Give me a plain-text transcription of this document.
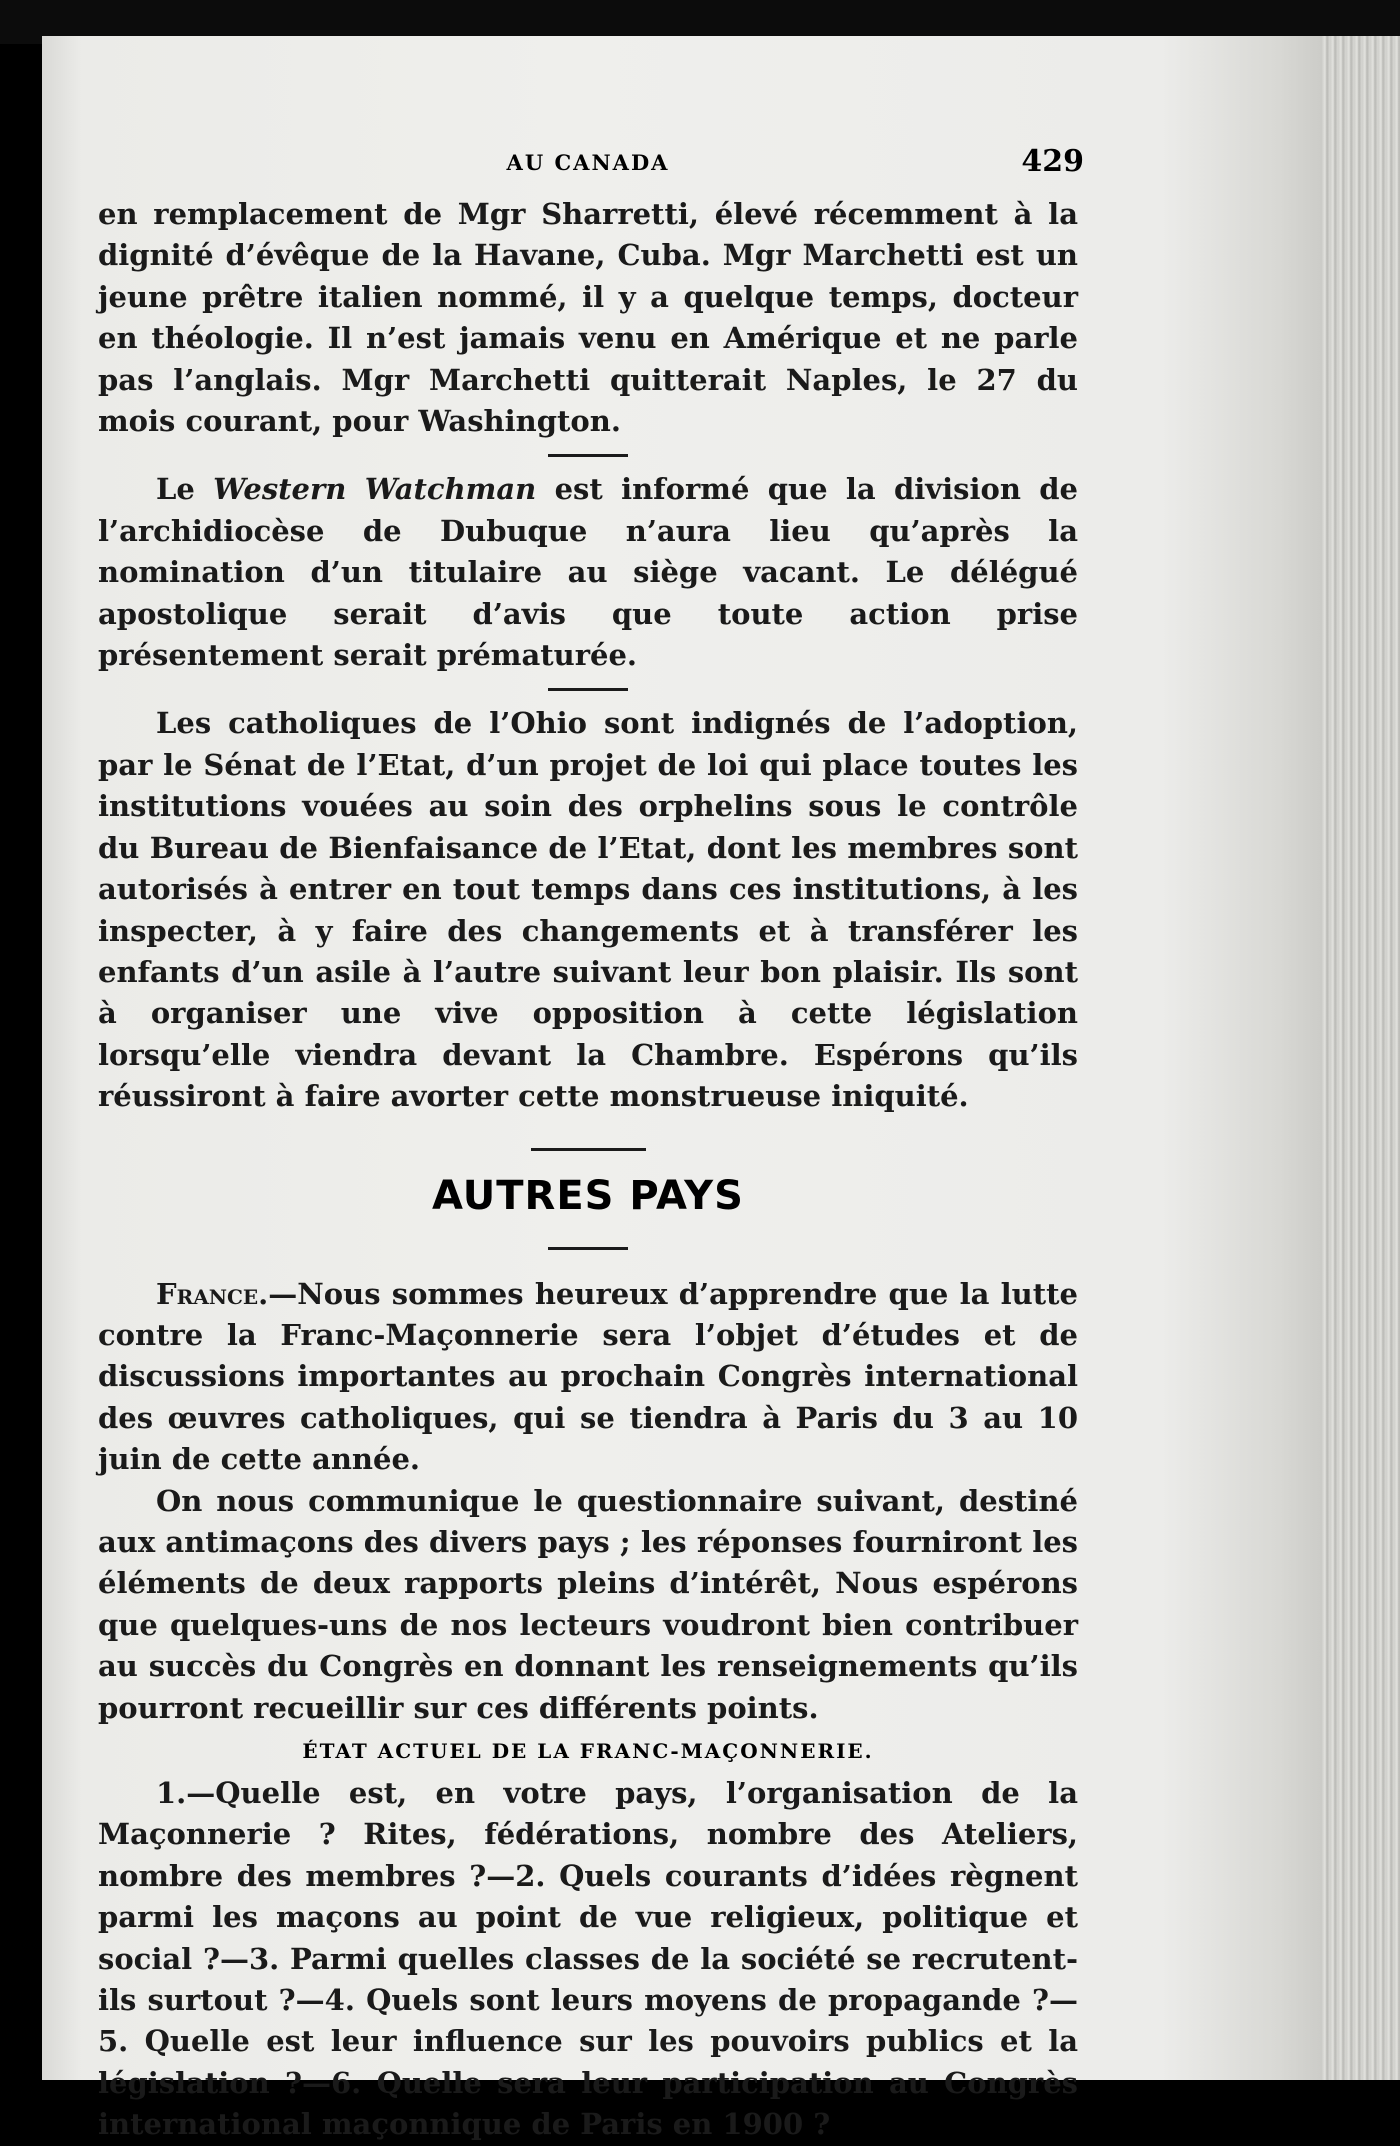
AU CANADA	429

en remplacement de Mgr Sharretti, élevé récemment à la dignité d’évêque de la Havane, Cuba. Mgr Marchetti est un jeune prêtre italien nommé, il y a quelque temps, docteur en théologie. Il n’est jamais venu en Amérique et ne parle pas l’anglais. Mgr Marchetti quitterait Naples, le 27 du mois courant, pour Washington.

Le Western Watchman est informé que la division de l’archidiocèse de Dubuque n’aura lieu qu’après la nomination d’un titulaire au siège vacant. Le délégué apostolique serait d’avis que toute action prise présentement serait prématurée.

Les catholiques de l’Ohio sont indignés de l’adoption, par le Sénat de l’Etat, d’un projet de loi qui place toutes les institutions vouées au soin des orphelins sous le contrôle du Bureau de Bienfaisance de l’Etat, dont les membres sont autorisés à entrer en tout temps dans ces institutions, à les inspecter, à y faire des changements et à transférer les enfants d’un asile à l’autre suivant leur bon plaisir. Ils sont à organiser une vive opposition à cette législation lorsqu’elle viendra devant la Chambre. Espérons qu’ils réussiront à faire avorter cette monstrueuse iniquité.

AUTRES PAYS

France.—Nous sommes heureux d’apprendre que la lutte contre la Franc-Maçonnerie sera l’objet d’études et de discussions importantes au prochain Congrès international des œuvres catholiques, qui se tiendra à Paris du 3 au 10 juin de cette année.

On nous communique le questionnaire suivant, destiné aux antimaçons des divers pays ; les réponses fourniront les éléments de deux rapports pleins d’intérêt, Nous espérons que quelques-uns de nos lecteurs voudront bien contribuer au succès du Congrès en donnant les renseignements qu’ils pourront recueillir sur ces différents points.

ÉTAT ACTUEL DE LA FRANC-MAÇONNERIE.

1.—Quelle est, en votre pays, l’organisation de la Maçonnerie ? Rites, fédérations, nombre des Ateliers, nombre des membres ?—2. Quels courants d’idées règnent parmi les maçons au point de vue religieux, politique et social ?—3. Parmi quelles classes de la société se recrutent-ils surtout ?—4. Quels sont leurs moyens de propagande ?—5. Quelle est leur influence sur les pouvoirs publics et la législation ?—6. Quelle sera leur participation au Congrès international maçonnique de Paris en 1900 ?
